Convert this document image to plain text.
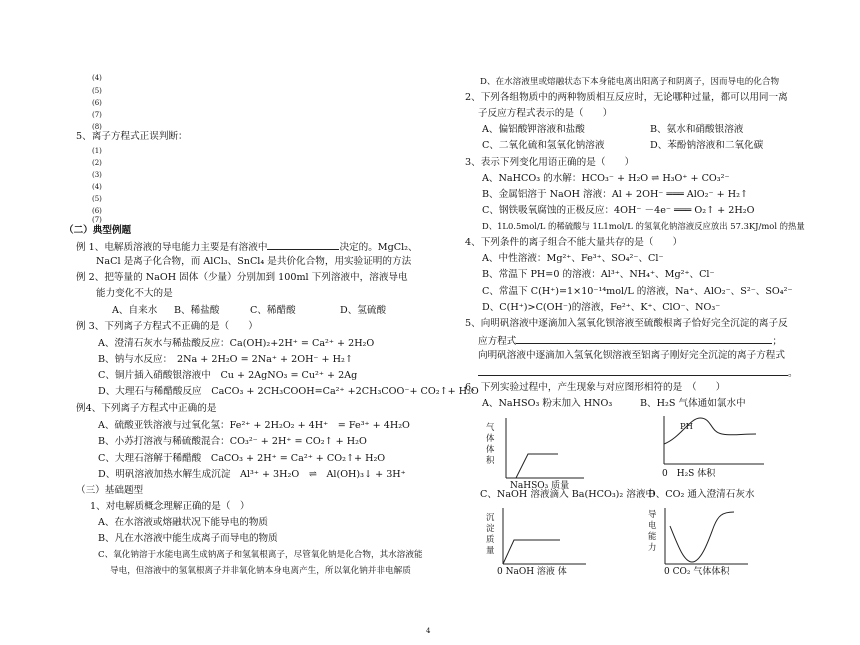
(4)
(5)
(6)
(7)
(8)
5、离子方程式正误判断：
(1)
(2)
(3)
(4)
(5)
(6)
(7)
（二）典型例题
例 1、电解质溶液的导电能力主要是有溶液中	决定的。MgCl₂、
NaCl 是离子化合物，而 AlCl₃、SnCl₄ 是共价化合物，用实验证明的方法
例 2、把等量的 NaOH 固体（少量）分别加到 100ml 下列溶液中，溶液导电
能力变化不大的是
A、自来水 B、稀盐酸	C、稀醋酸	D、氢硫酸
例 3、下列离子方程式不正确的是（　　）
A、澄清石灰水与稀盐酸反应：Ca(OH)₂+2H⁺ = Ca²⁺ + 2H₂O
B、钠与水反应：　2Na + 2H₂O = 2Na⁺ + 2OH⁻ + H₂↑
C、铜片插入硝酸银溶液中　Cu + 2AgNO₃ = Cu²⁺ + 2Ag
D、大理石与稀醋酸反应　CaCO₃ + 2CH₃COOH=Ca²⁺ +2CH₃COO⁻+ CO₂↑+ H₂O
例4、下列离子方程式中正确的是
A、硫酸亚铁溶液与过氧化氢：Fe²⁺ + 2H₂O₂ + 4H⁺　= Fe³⁺ + 4H₂O
B、小苏打溶液与稀硫酸混合：CO₃²⁻ + 2H⁺ = CO₂↑ + H₂O
C、大理石溶解于稀醋酸　CaCO₃ + 2H⁺ = Ca²⁺ + CO₂↑+ H₂O
D、明矾溶液加热水解生成沉淀　Al³⁺ + 3H₂O　⇌　Al(OH)₃↓ + 3H⁺
（三）基础题型
1、对电解质概念理解正确的是（　）
A、在水溶液或熔融状况下能导电的物质
B、凡在水溶液中能生成离子而导电的物质
C、氧化钠溶于水能电离生成钠离子和氢氧根离子，尽管氧化钠是化合物，其水溶液能
导电，但溶液中的氢氧根离子并非氧化钠本身电离产生，所以氧化钠并非电解质
D、在水溶液里或熔融状态下本身能电离出阳离子和阴离子，因而导电的化合物
2、下列各组物质中的两种物质相互反应时，无论哪种过量，都可以用同一离
子反应方程式表示的是（　　）
A、偏铝酸钾溶液和盐酸	B、氨水和硝酸银溶液
C、二氧化硫和氢氧化钠溶液	D、苯酚钠溶液和二氧化碳
3、表示下列变化用语正确的是（　　）
A、NaHCO₃ 的水解：HCO₃⁻ + H₂O ⇌ H₃O⁺ + CO₃²⁻
B、金属铝溶于 NaOH 溶液：Al + 2OH⁻ ═══ AlO₂⁻ + H₂↑
C、钢铁吸氧腐蚀的正极反应：4OH⁻ －4e⁻ ═══ O₂↑ + 2H₂O
D、1L0.5mol/L 的稀硫酸与 1L1mol/L 的氢氧化钠溶液反应放出 57.3KJ/mol 的热量
4、下列条件的离子组合不能大量共存的是（　　）
A、中性溶液：Mg²⁺、Fe³⁺、SO₄²⁻、Cl⁻
B、常温下 PH=0 的溶液：Al³⁺、NH₄⁺、Mg²⁺、Cl⁻
C、常温下 C(H⁺)=1×10⁻¹⁴mol/L 的溶液，Na⁺、AlO₂⁻、S²⁻、SO₄²⁻
D、C(H⁺)>C(OH⁻)的溶液，Fe²⁺、K⁺、ClO⁻、NO₃⁻
5、向明矾溶液中逐滴加入氢氧化钡溶液至硫酸根离子恰好完全沉淀的离子反
应方程式	；
向明矾溶液中逐滴加入氢氧化钡溶液至铝离子刚好完全沉淀的离子方程式
。
6、下列实验过程中，产生现象与对应图形相符的是　（　　）
A、NaHSO₃ 粉末加入 HNO₃	B、H₂S 气体通如氯水中
气
体
体
积
NaHSO₃ 质量
PH
0　H₂S 体积
C、NaOH 溶液滴入 Ba(HCO₃)₂ 溶液中
D、CO₂ 通入澄清石灰水
沉
淀
质
量
0 NaOH 溶液 体
导
电
能
力
0 CO₂ 气体体积
4
